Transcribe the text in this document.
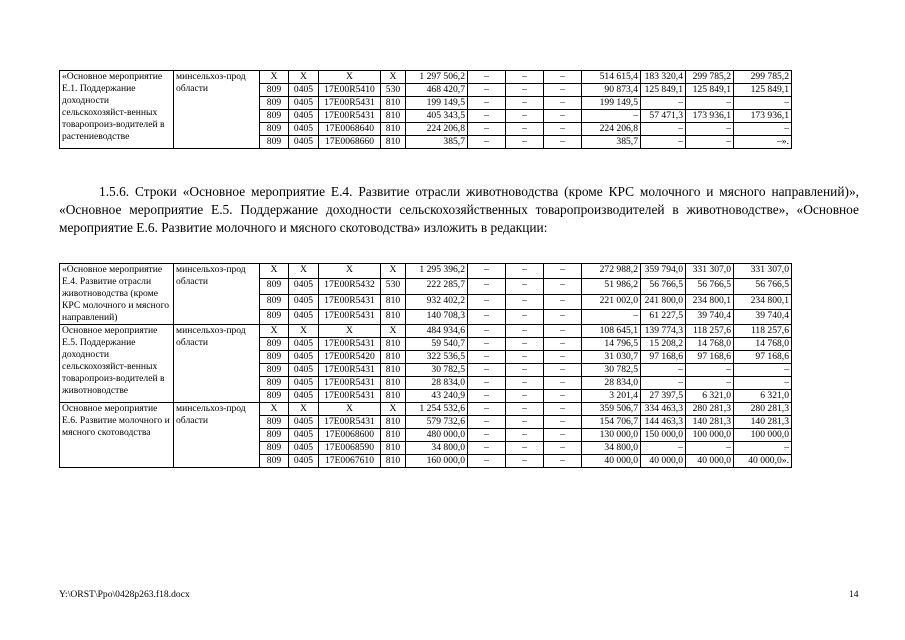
«Основное мероприятие Е.1. Поддержание доходности сельскохозяйст-венных товаропроиз-водителей в растениеводстве	минсельхоз-прод области	Х	Х	Х	Х	1 297 506,2	–	–	–	514 615,4	183 320,4	299 785,2	299 785,2
		809	0405	17Е00R5410	530	468 420,7	–	–	–	90 873,4	125 849,1	125 849,1	125 849,1
		809	0405	17Е00R5431	810	199 149,5	–	–	–	199 149,5	–	–	–
		809	0405	17Е00R5431	810	405 343,5	–	–	–	–	57 471,3	173 936,1	173 936,1
		809	0405	17Е0068640	810	224 206,8	–	–	–	224 206,8	–	–	–
		809	0405	17Е0068660	810	385,7	–	–	–	385,7	–	–	–».

1.5.6. Строки «Основное мероприятие Е.4. Развитие отрасли животноводства (кроме КРС молочного и мясного направлений)», «Основное мероприятие Е.5. Поддержание доходности сельскохозяйственных товаропроизводителей в животноводстве», «Основное мероприятие Е.6. Развитие молочного и мясного скотоводства» изложить в редакции:

«Основное мероприятие Е.4. Развитие отрасли животноводства (кроме КРС молочного и мясного направлений)	минсельхоз-прод области	Х	Х	Х	Х	1 295 396,2	–	–	–	272 988,2	359 794,0	331 307,0	331 307,0
		809	0405	17Е00R5432	530	222 285,7	–	–	–	51 986,2	56 766,5	56 766,5	56 766,5
		809	0405	17Е00R5431	810	932 402,2	–	–	–	221 002,0	241 800,0	234 800,1	234 800,1
		809	0405	17Е00R5431	810	140 708,3	–	–	–	–	61 227,5	39 740,4	39 740,4
Основное мероприятие Е.5. Поддержание доходности сельскохозяйст-венных товаропроиз-водителей в животноводстве	минсельхоз-прод области	Х	Х	Х	Х	484 934,6	–	–	–	108 645,1	139 774,3	118 257,6	118 257,6
		809	0405	17Е00R5431	810	59 540,7	–	–	–	14 796,5	15 208,2	14 768,0	14 768,0
		809	0405	17Е00R5420	810	322 536,5	–	–	–	31 030,7	97 168,6	97 168,6	97 168,6
		809	0405	17Е00R5431	810	30 782,5	–	–	–	30 782,5	–	–	–
		809	0405	17Е00R5431	810	28 834,0	–	–	–	28 834,0	–	–	–
		809	0405	17Е00R5431	810	43 240,9	–	–	–	3 201,4	27 397,5	6 321,0	6 321,0
Основное мероприятие Е.6. Развитие молочного и мясного скотоводства	минсельхоз-прод области	Х	Х	Х	Х	1 254 532,6	–	–	–	359 506,7	334 463,3	280 281,3	280 281,3
		809	0405	17Е00R5431	810	579 732,6	–	–	–	154 706,7	144 463,3	140 281,3	140 281,3
		809	0405	17Е0068600	810	480 000,0	–	–	–	130 000,0	150 000,0	100 000,0	100 000,0
		809	0405	17Е0068590	810	34 800,0	–	–	–	34 800,0	–	–	–
		809	0405	17Е0067610	810	160 000,0	–	–	–	40 000,0	40 000,0	40 000,0	40 000,0».
Y:\ORST\Ppo\0428p263.f18.docx	14
